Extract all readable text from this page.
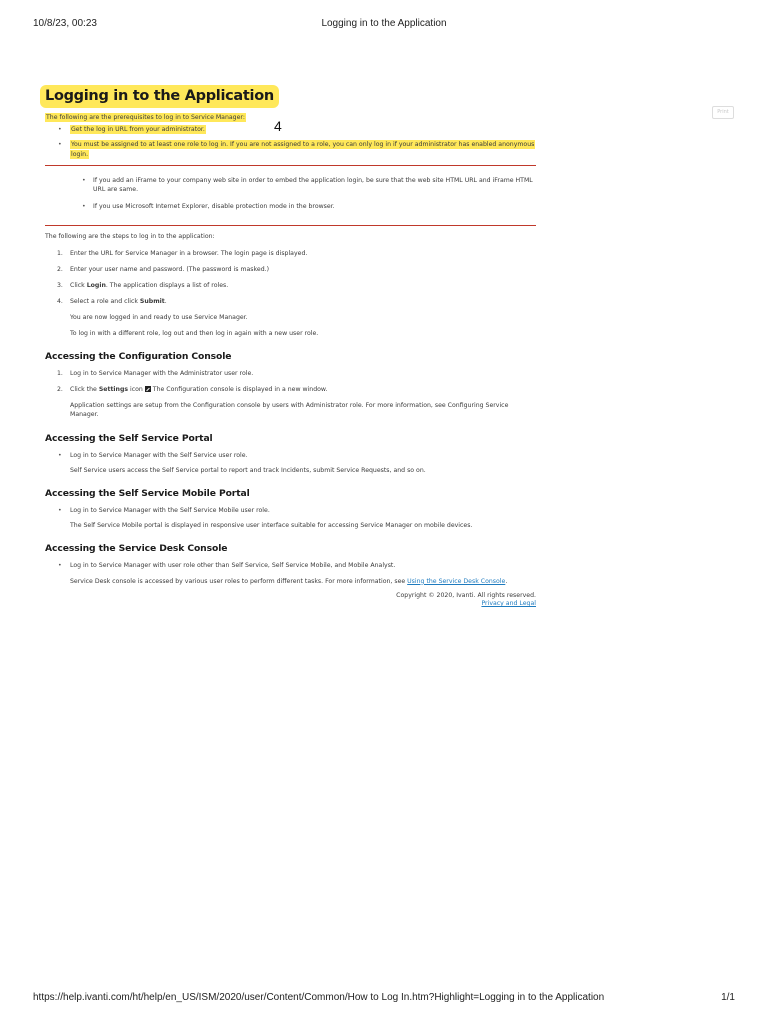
10/8/23, 00:23	Logging in to the Application
Print
4
Logging in to the Application

The following are the prerequisites to log in to Service Manager:

• Get the log in URL from your administrator.
• You must be assigned to at least one role to log in. If you are not assigned to a role, you can only log in if your administrator has enabled anonymous login.
• If you add an iFrame to your company web site in order to embed the application login, be sure that the web site HTML URL and iFrame HTML URL are same.
• If you use Microsoft Internet Explorer, disable protection mode in the browser.

The following are the steps to log in to the application:

1. Enter the URL for Service Manager in a browser. The login page is displayed.
2. Enter your user name and password. (The password is masked.)
3. Click Login. The application displays a list of roles.
4. Select a role and click Submit.

You are now logged in and ready to use Service Manager.

To log in with a different role, log out and then log in again with a new user role.

Accessing the Configuration Console
1. Log in to Service Manager with the Administrator user role.
2. Click the Settings icon  The Configuration console is displayed in a new window.

Application settings are setup from the Configuration console by users with Administrator role. For more information, see Configuring Service Manager.

Accessing the Self Service Portal
• Log in to Service Manager with the Self Service user role.

Self Service users access the Self Service portal to report and track Incidents, submit Service Requests, and so on.

Accessing the Self Service Mobile Portal
• Log in to Service Manager with the Self Service Mobile user role.

The Self Service Mobile portal is displayed in responsive user interface suitable for accessing Service Manager on mobile devices.

Accessing the Service Desk Console
• Log in to Service Manager with user role other than Self Service, Self Service Mobile, and Mobile Analyst.

Service Desk console is accessed by various user roles to perform different tasks. For more information, see Using the Service Desk Console.

Copyright © 2020, Ivanti. All rights reserved.

Privacy and Legal

https://help.ivanti.com/ht/help/en_US/ISM/2020/user/Content/Common/How to Log In.htm?Highlight=Logging in to the Application	1/1
